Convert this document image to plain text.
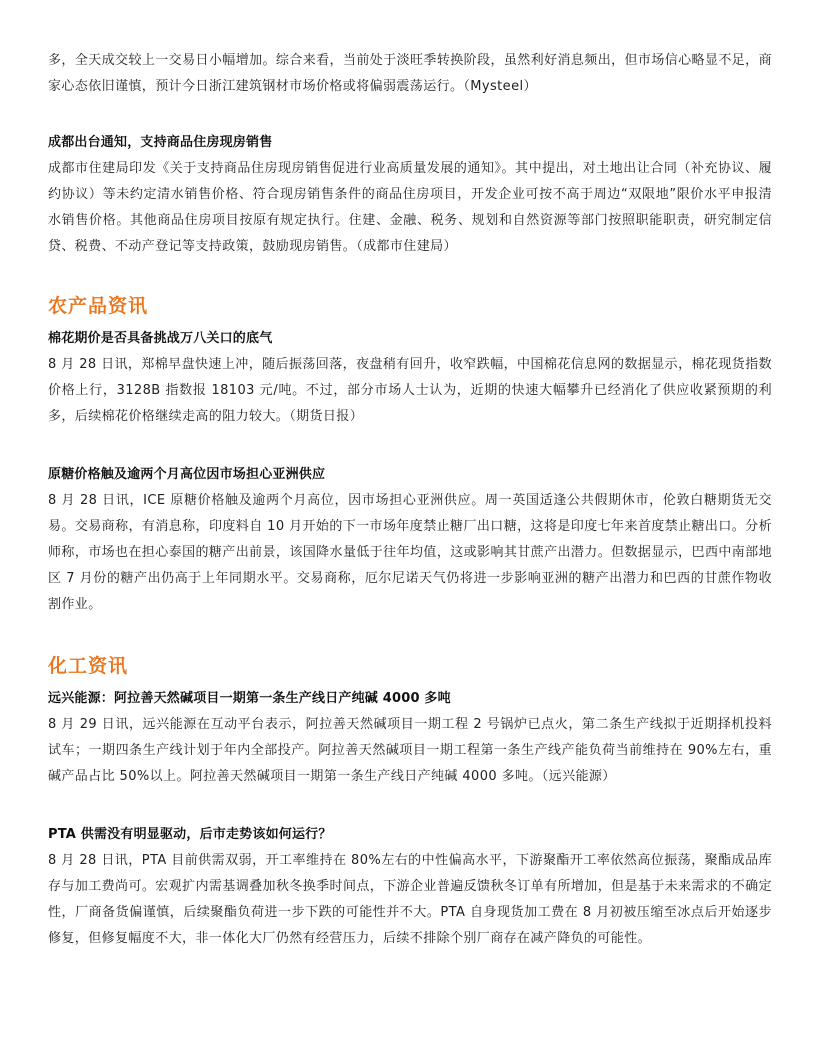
多，全天成交较上一交易日小幅增加。综合来看，当前处于淡旺季转换阶段，虽然利好消息频出，但市场信心略显不足，商家心态依旧谨慎，预计今日浙江建筑钢材市场价格或将偏弱震荡运行。（Mysteel）

成都出台通知，支持商品住房现房销售

成都市住建局印发《关于支持商品住房现房销售促进行业高质量发展的通知》。其中提出，对土地出让合同（补充协议、履约协议）等未约定清水销售价格、符合现房销售条件的商品住房项目，开发企业可按不高于周边“双限地”限价水平申报清水销售价格。其他商品住房项目按原有规定执行。住建、金融、税务、规划和自然资源等部门按照职能职责，研究制定信贷、税费、不动产登记等支持政策，鼓励现房销售。（成都市住建局）

农产品资讯

棉花期价是否具备挑战万八关口的底气

8 月 28 日讯，郑棉早盘快速上冲，随后振荡回落，夜盘稍有回升，收窄跌幅，中国棉花信息网的数据显示，棉花现货指数价格上行，3128B 指数报 18103 元/吨。不过，部分市场人士认为，近期的快速大幅攀升已经消化了供应收紧预期的利多，后续棉花价格继续走高的阻力较大。（期货日报）

原糖价格触及逾两个月高位因市场担心亚洲供应

8 月 28 日讯，ICE 原糖价格触及逾两个月高位，因市场担心亚洲供应。周一英国适逢公共假期休市，伦敦白糖期货无交易。交易商称，有消息称，印度料自 10 月开始的下一市场年度禁止糖厂出口糖，这将是印度七年来首度禁止糖出口。分析师称，市场也在担心泰国的糖产出前景，该国降水量低于往年均值，这或影响其甘蔗产出潜力。但数据显示，巴西中南部地区 7 月份的糖产出仍高于上年同期水平。交易商称，厄尔尼诺天气仍将进一步影响亚洲的糖产出潜力和巴西的甘蔗作物收割作业。

化工资讯

远兴能源：阿拉善天然碱项目一期第一条生产线日产纯碱 4000 多吨

8 月 29 日讯，远兴能源在互动平台表示，阿拉善天然碱项目一期工程 2 号锅炉已点火，第二条生产线拟于近期择机投料试车；一期四条生产线计划于年内全部投产。阿拉善天然碱项目一期工程第一条生产线产能负荷当前维持在 90%左右，重碱产品占比 50%以上。阿拉善天然碱项目一期第一条生产线日产纯碱 4000 多吨。（远兴能源）

PTA 供需没有明显驱动，后市走势该如何运行？

8 月 28 日讯，PTA 目前供需双弱，开工率维持在 80%左右的中性偏高水平，下游聚酯开工率依然高位振荡，聚酯成品库存与加工费尚可。宏观扩内需基调叠加秋冬换季时间点，下游企业普遍反馈秋冬订单有所增加，但是基于未来需求的不确定性，厂商备货偏谨慎，后续聚酯负荷进一步下跌的可能性并不大。PTA 自身现货加工费在 8 月初被压缩至冰点后开始逐步修复，但修复幅度不大，非一体化大厂仍然有经营压力，后续不排除个别厂商存在减产降负的可能性。
